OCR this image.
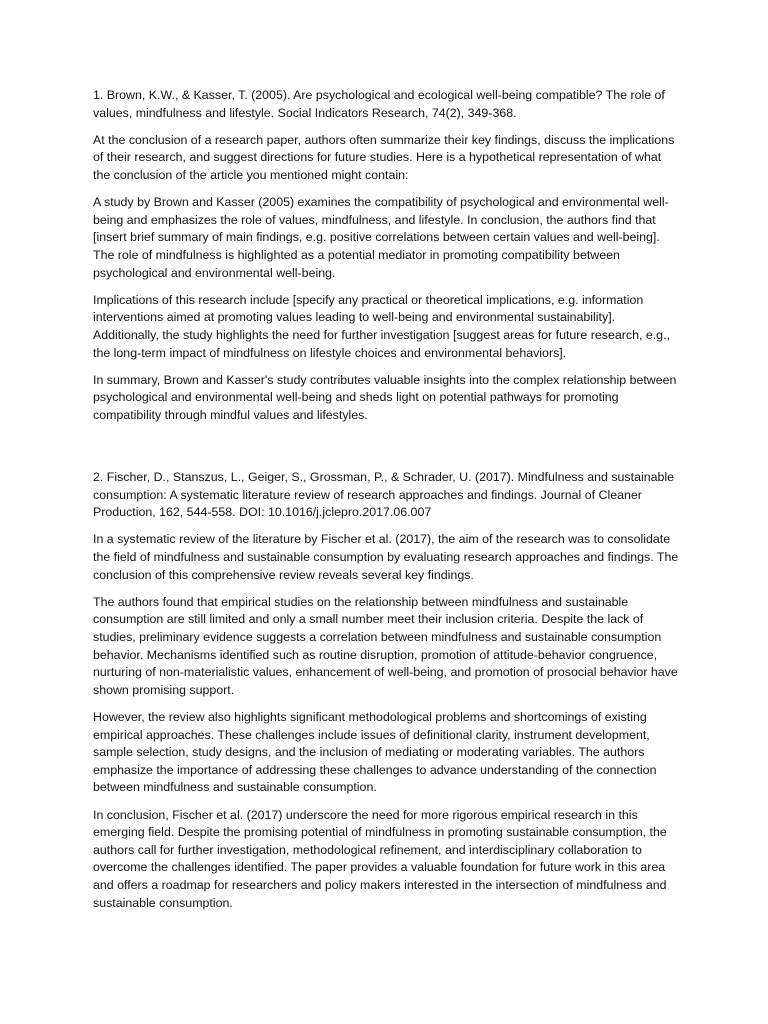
1. Brown, K.W., & Kasser, T. (2005). Are psychological and ecological well-being compatible? The role of values, mindfulness and lifestyle. Social Indicators Research, 74(2), 349-368.

At the conclusion of a research paper, authors often summarize their key findings, discuss the implications of their research, and suggest directions for future studies. Here is a hypothetical representation of what the conclusion of the article you mentioned might contain:

A study by Brown and Kasser (2005) examines the compatibility of psychological and environmental well-being and emphasizes the role of values, mindfulness, and lifestyle. In conclusion, the authors find that [insert brief summary of main findings, e.g. positive correlations between certain values and well-being]. The role of mindfulness is highlighted as a potential mediator in promoting compatibility between psychological and environmental well-being.

Implications of this research include [specify any practical or theoretical implications, e.g. information interventions aimed at promoting values leading to well-being and environmental sustainability]. Additionally, the study highlights the need for further investigation [suggest areas for future research, e.g., the long-term impact of mindfulness on lifestyle choices and environmental behaviors].

In summary, Brown and Kasser's study contributes valuable insights into the complex relationship between psychological and environmental well-being and sheds light on potential pathways for promoting compatibility through mindful values and lifestyles.

2. Fischer, D., Stanszus, L., Geiger, S., Grossman, P., & Schrader, U. (2017). Mindfulness and sustainable consumption: A systematic literature review of research approaches and findings. Journal of Cleaner Production, 162, 544-558. DOI: 10.1016/j.jclepro.2017.06.007

In a systematic review of the literature by Fischer et al. (2017), the aim of the research was to consolidate the field of mindfulness and sustainable consumption by evaluating research approaches and findings. The conclusion of this comprehensive review reveals several key findings.

The authors found that empirical studies on the relationship between mindfulness and sustainable consumption are still limited and only a small number meet their inclusion criteria. Despite the lack of studies, preliminary evidence suggests a correlation between mindfulness and sustainable consumption behavior. Mechanisms identified such as routine disruption, promotion of attitude-behavior congruence, nurturing of non-materialistic values, enhancement of well-being, and promotion of prosocial behavior have shown promising support.

However, the review also highlights significant methodological problems and shortcomings of existing empirical approaches. These challenges include issues of definitional clarity, instrument development, sample selection, study designs, and the inclusion of mediating or moderating variables. The authors emphasize the importance of addressing these challenges to advance understanding of the connection between mindfulness and sustainable consumption.

In conclusion, Fischer et al. (2017) underscore the need for more rigorous empirical research in this emerging field. Despite the promising potential of mindfulness in promoting sustainable consumption, the authors call for further investigation, methodological refinement, and interdisciplinary collaboration to overcome the challenges identified. The paper provides a valuable foundation for future work in this area and offers a roadmap for researchers and policy makers interested in the intersection of mindfulness and sustainable consumption.
